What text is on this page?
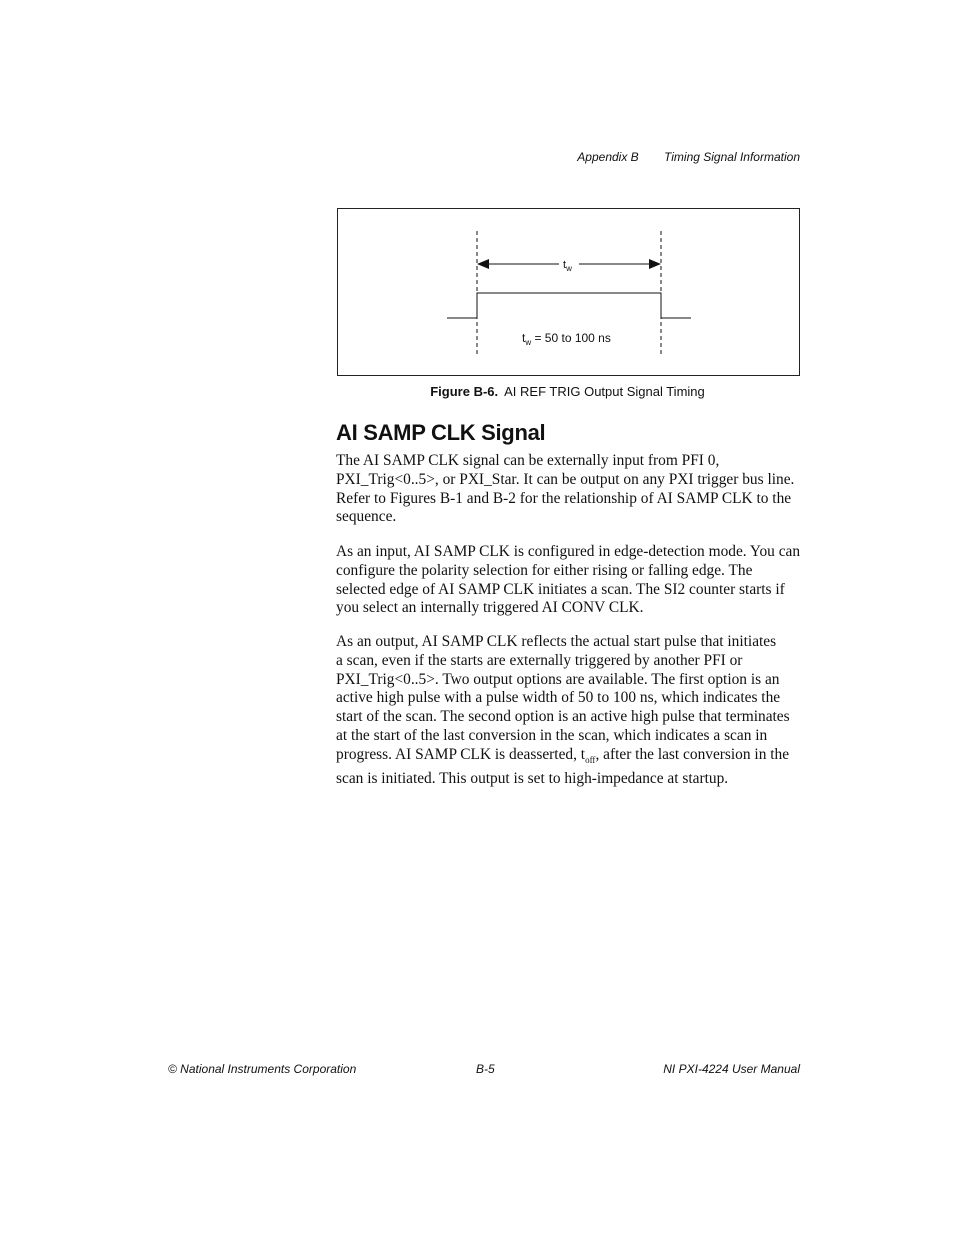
Appendix B Timing Signal Information
$t_w$
$t_w = 50$ to 100 ns
Figure B-6. AI REF TRIG Output Signal Timing
AI SAMP CLK Signal
The AI SAMP CLK signal can be externally input from PFI 0,
PXI_Trig<0..5>, or PXI_Star. It can be output on any PXI trigger bus line.
Refer to Figures B-1 and B-2 for the relationship of AI SAMP CLK to the
sequence.
As an input, AI SAMP CLK is configured in edge-detection mode. You can
configure the polarity selection for either rising or falling edge. The
selected edge of AI SAMP CLK initiates a scan. The SI2 counter starts if
you select an internally triggered AI CONV CLK.
As an output, AI SAMP CLK reflects the actual start pulse that initiates
a scan, even if the starts are externally triggered by another PFI or
PXI_Trig<0..5>. Two output options are available. The first option is an
active high pulse with a pulse width of 50 to 100 ns, which indicates the
start of the scan. The second option is an active high pulse that terminates
at the start of the last conversion in the scan, which indicates a scan in
progress. AI SAMP CLK is deasserted, $t_{off}$, after the last conversion in the
scan is initiated. This output is set to high-impedance at startup.
© National Instruments Corporation	B-5	NI PXI-4224 User Manual
